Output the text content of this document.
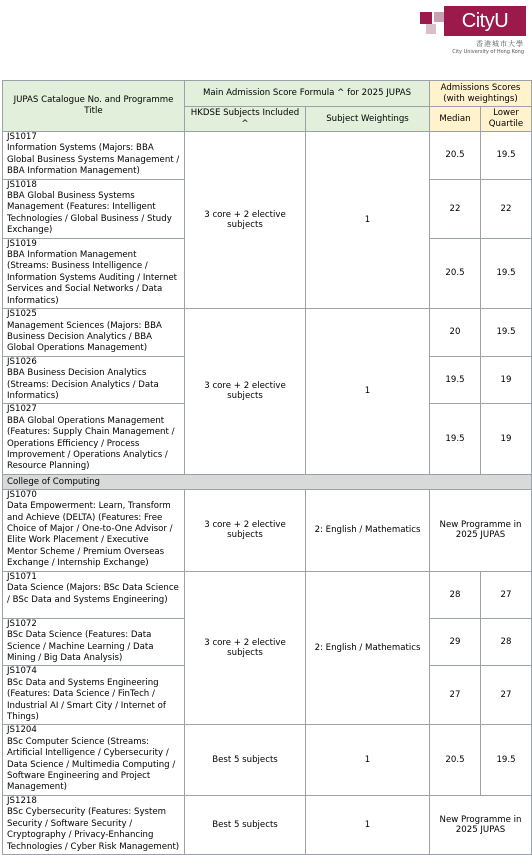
CityU
香港城市大學
City University of Hong Kong
JUPAS Catalogue No. and Programme Title	Main Admission Score Formula ^ for 2025 JUPAS		Admissions Scores (with weightings)	
	HKDSE Subjects Included ^	Subject Weightings	Median	Lower Quartile

JS1017
Information Systems (Majors: BBA Global Business Systems Management / BBA Information Management)	3 core + 2 elective subjects	1	20.5	19.5

JS1018
BBA Global Business Systems Management (Features: Intelligent Technologies / Global Business / Study Exchange)			22	22

JS1019
BBA Information Management (Streams: Business Intelligence / Information Systems Auditing / Internet Services and Social Networks / Data Informatics)			20.5	19.5

JS1025
Management Sciences (Majors: BBA Business Decision Analytics / BBA Global Operations Management)	3 core + 2 elective subjects	1	20	19.5

JS1026
BBA Business Decision Analytics (Streams: Decision Analytics / Data Informatics)			19.5	19

JS1027
BBA Global Operations Management (Features: Supply Chain Management / Operations Efficiency / Process Improvement / Operations Analytics / Resource Planning)			19.5	19
College of Computing				

JS1070
Data Empowerment: Learn, Transform and Achieve (DELTA) (Features: Free Choice of Major / One-to-One Advisor / Elite Work Placement / Executive Mentor Scheme / Premium Overseas Exchange / Internship Exchange)	3 core + 2 elective subjects	2: English / Mathematics	New Programme in 2025 JUPAS	

JS1071
Data Science (Majors: BSc Data Science / BSc Data and Systems Engineering)	3 core + 2 elective subjects	2: English / Mathematics	28	27

JS1072
BSc Data Science (Features: Data Science / Machine Learning / Data Mining / Big Data Analysis)			29	28

JS1074
BSc Data and Systems Engineering (Features: Data Science / FinTech / Industrial AI / Smart City / Internet of Things)			27	27

JS1204
BSc Computer Science (Streams: Artificial Intelligence / Cybersecurity / Data Science / Multimedia Computing / Software Engineering and Project Management)	Best 5 subjects	1	20.5	19.5

JS1218
BSc Cybersecurity (Features: System Security / Software Security / Cryptography / Privacy-Enhancing Technologies / Cyber Risk Management)	Best 5 subjects	1	New Programme in 2025 JUPAS	
